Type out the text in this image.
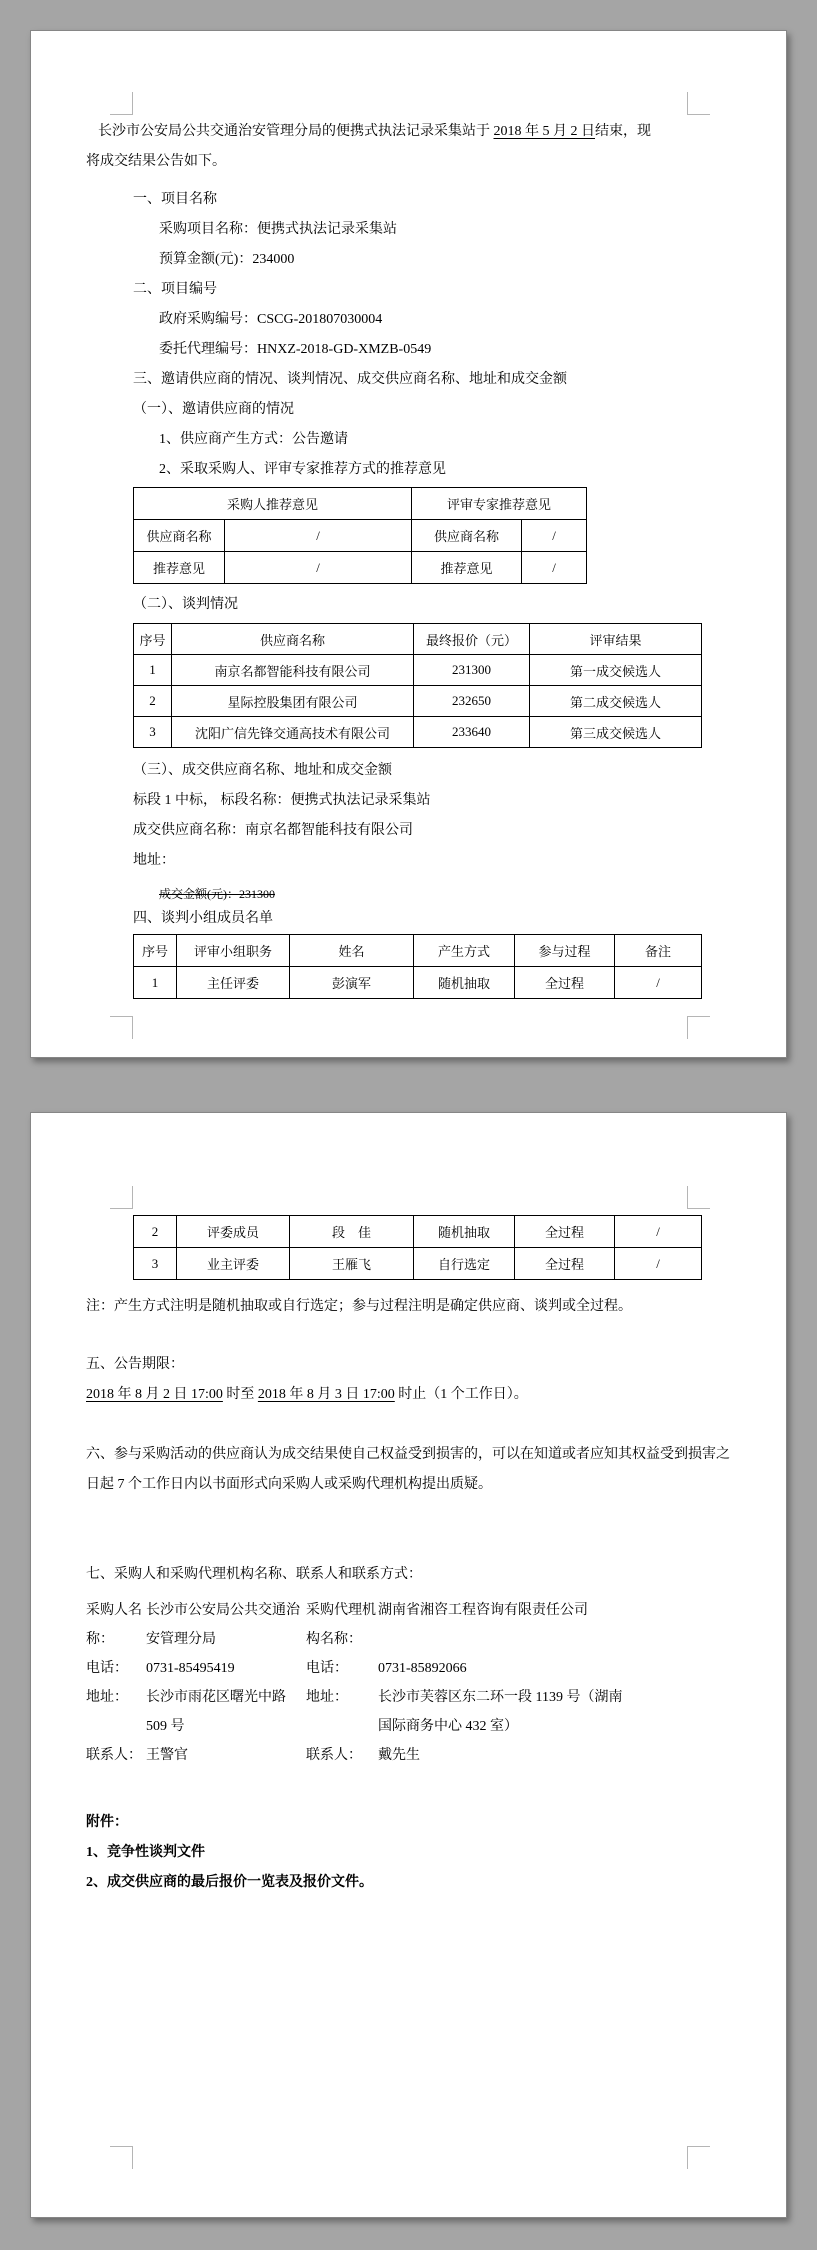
长沙市公安局公共交通治安管理分局的便携式执法记录采集站于 2018 年 5 月 2 日结束，现

将成交结果公告如下。

一、项目名称

采购项目名称：便携式执法记录采集站

预算金额(元)：234000

二、项目编号

政府采购编号：CSCG-201807030004

委托代理编号：HNXZ-2018-GD-XMZB-0549

三、邀请供应商的情况、谈判情况、成交供应商名称、地址和成交金额

（一）、邀请供应商的情况

1、供应商产生方式：公告邀请

2、采取采购人、评审专家推荐方式的推荐意见

采购人推荐意见		评审专家推荐意见	
供应商名称	/	供应商名称	/
推荐意见	/	推荐意见	/

（二）、谈判情况

序号	供应商名称	最终报价（元）	评审结果
1	南京名都智能科技有限公司	231300	第一成交候选人
2	星际控股集团有限公司	232650	第二成交候选人
3	沈阳广信先锋交通高技术有限公司	233640	第三成交候选人

（三）、成交供应商名称、地址和成交金额

标段 1 中标， 标段名称：便携式执法记录采集站

成交供应商名称：南京名都智能科技有限公司

地址：

成交金额(元)：231300

四、谈判小组成员名单

序号	评审小组职务	姓名	产生方式	参与过程	备注
1	主任评委	彭演军	随机抽取	全过程	/
2	评委成员	段　佳	随机抽取	全过程	/
3	业主评委	王雁飞	自行选定	全过程	/

注：产生方式注明是随机抽取或自行选定；参与过程注明是确定供应商、谈判或全过程。

五、公告期限：

2018 年 8 月 2 日 17:00 时至 2018 年 8 月 3 日 17:00 时止（1 个工作日）。

六、参与采购活动的供应商认为成交结果使自己权益受到损害的，可以在知道或者应知其权益受到损害之日起 7 个工作日内以书面形式向采购人或采购代理机构提出质疑。

七、采购人和采购代理机构名称、联系人和联系方式：

采购人名称：
长沙市公安局公共交通治安管理分局
采购代理机构名称：
湖南省湘咨工程咨询有限责任公司
电话：	0731-85495419	电话：	0731-85892066
地址：	长沙市雨花区曙光中路 509 号
地址：	长沙市芙蓉区东二环一段 1139 号（湖南国际商务中心 432 室）
联系人： 王警官	联系人：	戴先生

附件：

1、竞争性谈判文件

2、成交供应商的最后报价一览表及报价文件。
